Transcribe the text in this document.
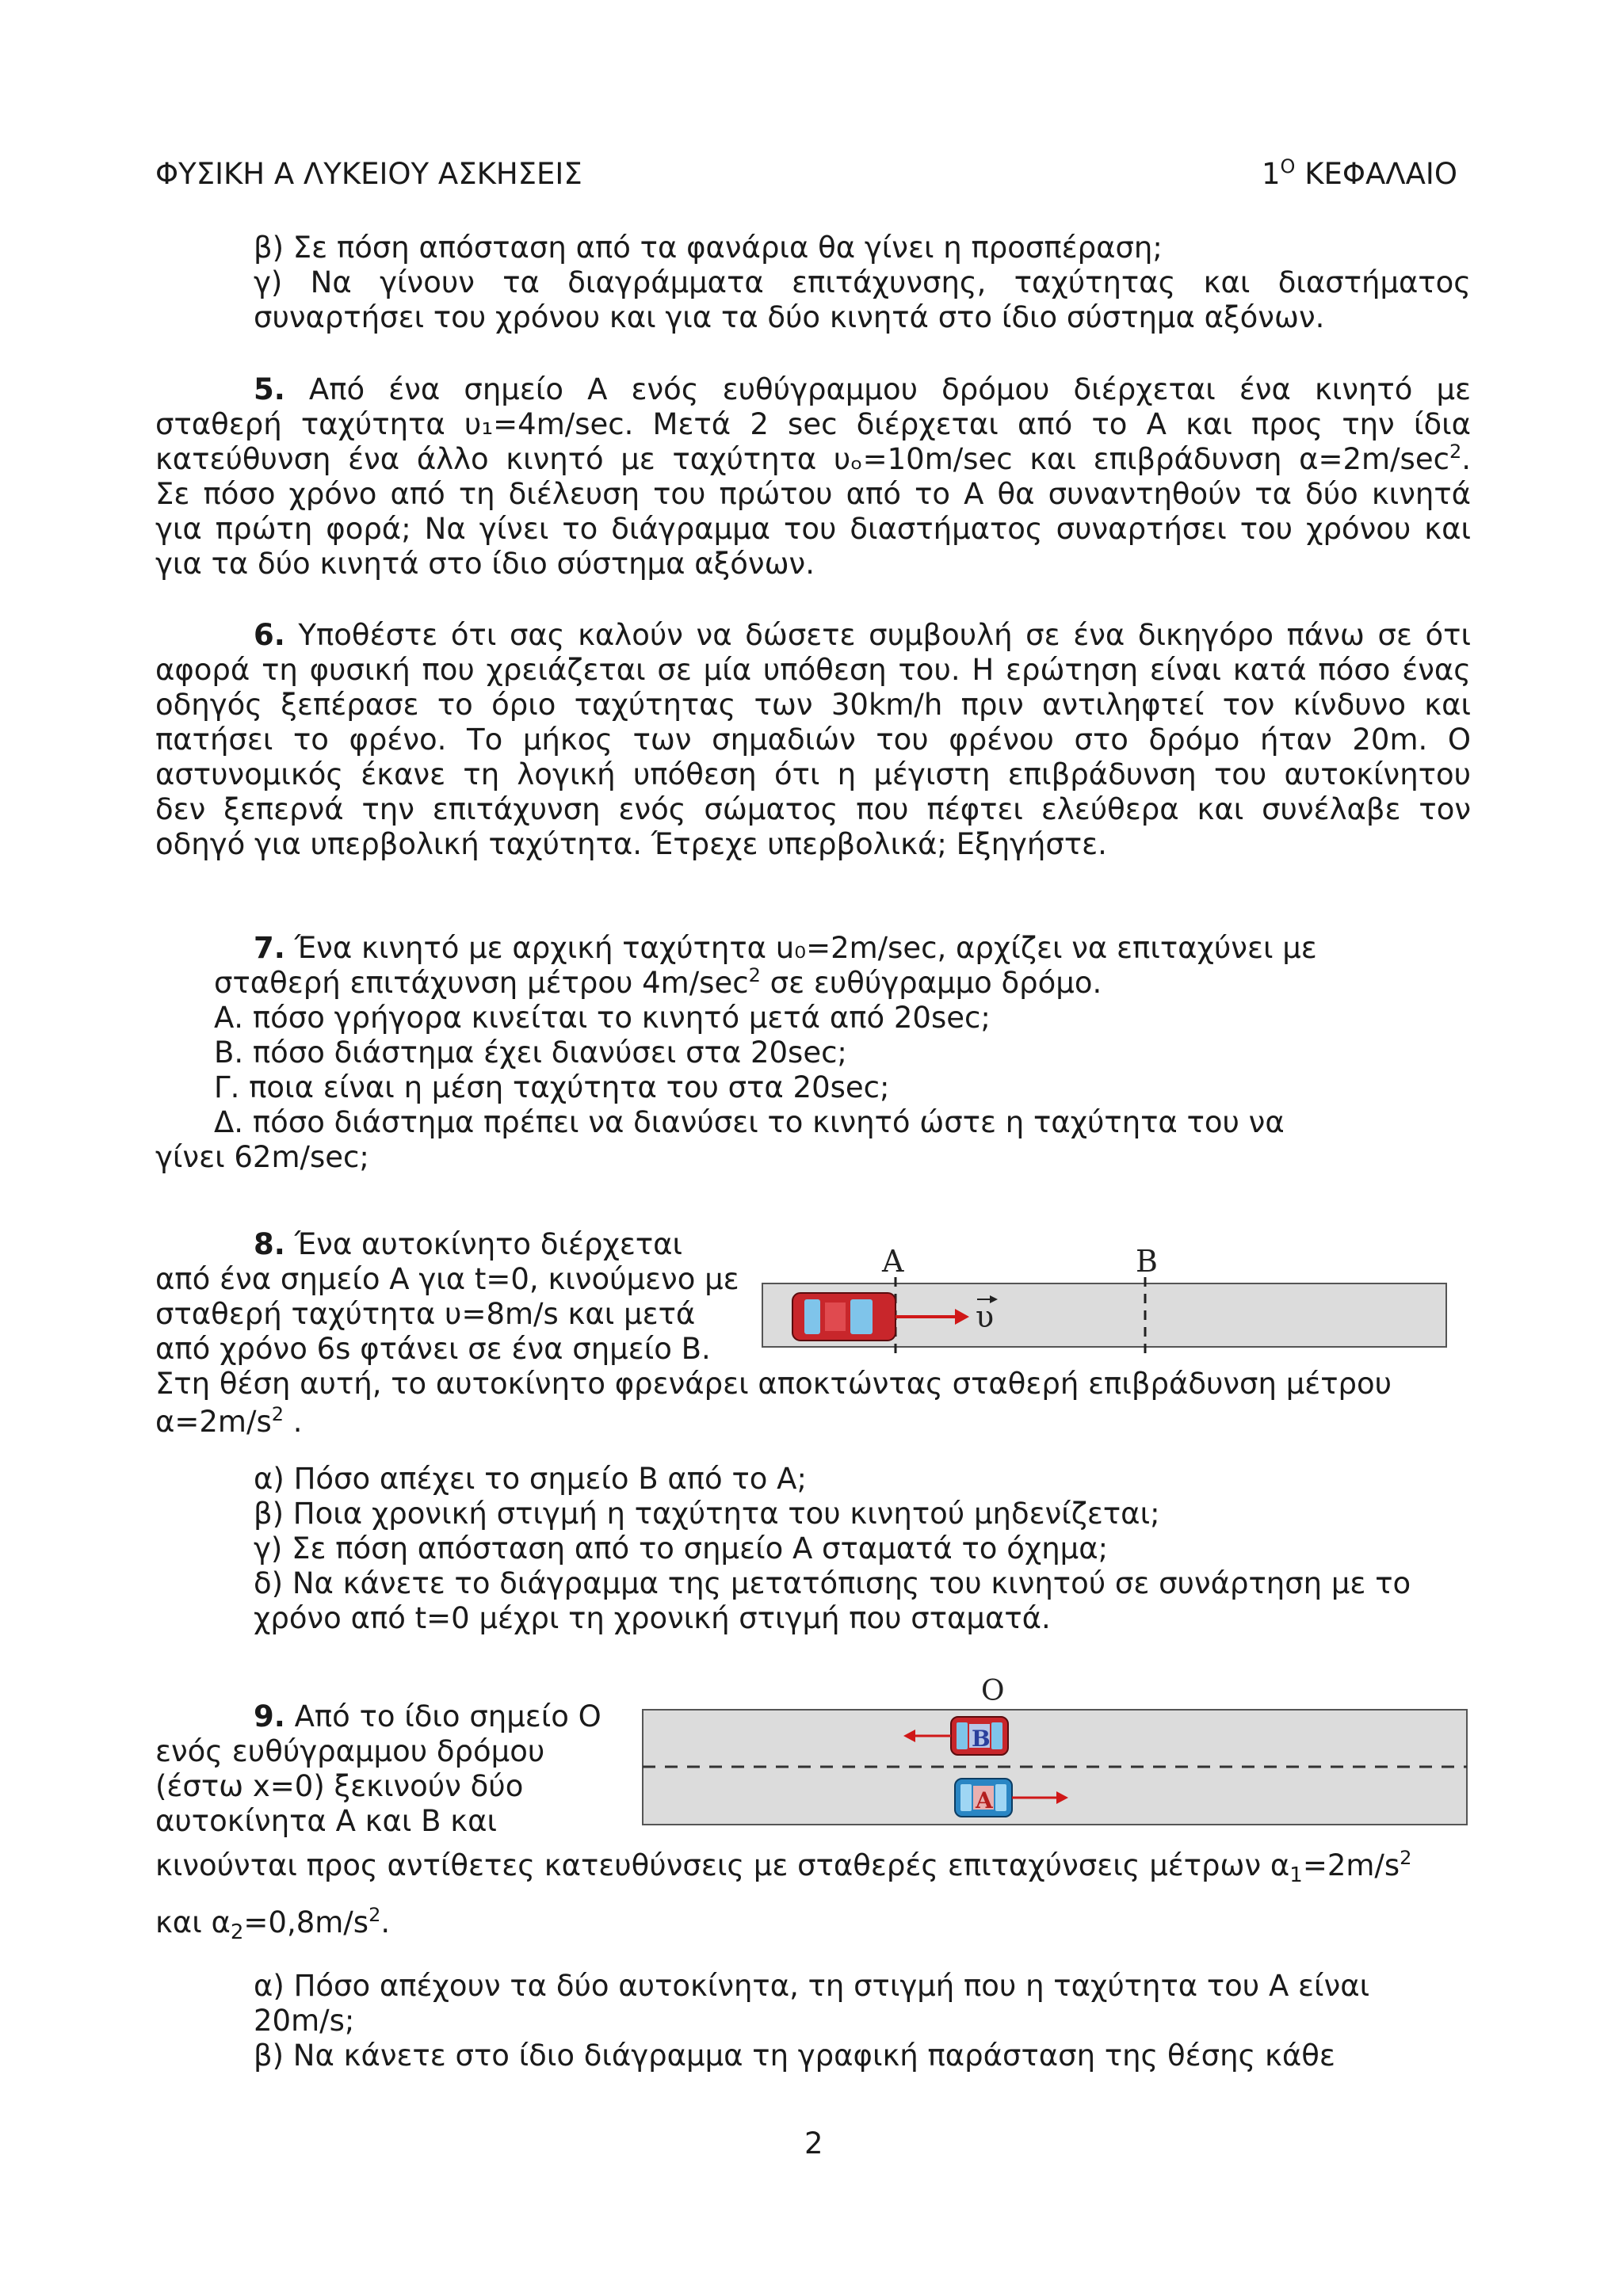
ΦΥΣΙΚΗ Α ΛΥΚΕΙΟΥ ΑΣΚΗΣΕΙΣ	$1^O$ ΚΕΦΑΛΑΙΟ
β) Σε πόση απόσταση από τα φανάρια θα γίνει η προσπέραση;
γ) Να γίνουν τα διαγράμματα επιτάχυνσης, ταχύτητας και διαστήματος
συναρτήσει του χρόνου και για τα δύο κινητά στο ίδιο σύστημα αξόνων.
5. Από ένα σημείο Α ενός ευθύγραμμου δρόμου διέρχεται ένα κινητό με
σταθερή ταχύτητα υ₁=4m/sec. Μετά 2 sec διέρχεται από το Α και προς την ίδια
κατεύθυνση ένα άλλο κινητό με ταχύτητα υₒ=10m/sec και επιβράδυνση $\alpha=2m/\sec^2$.
Σε πόσο χρόνο από τη διέλευση του πρώτου από το Α θα συναντηθούν τα δύο κινητά
για πρώτη φορά; Να γίνει το διάγραμμα του διαστήματος συναρτήσει του χρόνου και
για τα δύο κινητά στο ίδιο σύστημα αξόνων.
6. Υποθέστε ότι σας καλούν να δώσετε συμβουλή σε ένα δικηγόρο πάνω σε ότι
αφορά τη φυσική που χρειάζεται σε μία υπόθεση του. Η ερώτηση είναι κατά πόσο ένας
οδηγός ξεπέρασε το όριο ταχύτητας των 30km/h πριν αντιληφτεί τον κίνδυνο και
πατήσει το φρένο. Το μήκος των σημαδιών του φρένου στο δρόμο ήταν 20m. Ο
αστυνομικός έκανε τη λογική υπόθεση ότι η μέγιστη επιβράδυνση του αυτοκίνητου
δεν ξεπερνά την επιτάχυνση ενός σώματος που πέφτει ελεύθερα και συνέλαβε τον
οδηγό για υπερβολική ταχύτητα. Έτρεχε υπερβολικά; Εξηγήστε.
7. Ένα κινητό με αρχική ταχύτητα u₀=2m/sec, αρχίζει να επιταχύνει με
σταθερή επιτάχυνση μέτρου $4m/\sec^2$ σε ευθύγραμμο δρόμο.
Α. πόσο γρήγορα κινείται το κινητό μετά από 20sec;
Β. πόσο διάστημα έχει διανύσει στα 20sec;
Γ. ποια είναι η μέση ταχύτητα του στα 20sec;
Δ. πόσο διάστημα πρέπει να διανύσει το κινητό ώστε η ταχύτητα του να
γίνει 62m/sec;
8. Ένα αυτοκίνητο διέρχεται
από ένα σημείο Α για t=0, κινούμενο με
σταθερή ταχύτητα υ=8m/s και μετά
από χρόνο 6s φτάνει σε ένα σημείο Β.
A	B
υ
Στη θέση αυτή, το αυτοκίνητο φρενάρει αποκτώντας σταθερή επιβράδυνση μέτρου
$\alpha=2m/s^2$ .
α) Πόσο απέχει το σημείο Β από το Α;
β) Ποια χρονική στιγμή η ταχύτητα του κινητού μηδενίζεται;
γ) Σε πόση απόσταση από το σημείο Α σταματά το όχημα;
δ) Να κάνετε το διάγραμμα της μετατόπισης του κινητού σε συνάρτηση με το
χρόνο από t=0 μέχρι τη χρονική στιγμή που σταματά.
9. Από το ίδιο σημείο Ο
ενός ευθύγραμμου δρόμου
(έστω x=0) ξεκινούν δύο
αυτοκίνητα Α και Β και
O
B
A
κινούνται προς αντίθετες κατευθύνσεις με σταθερές επιταχύνσεις μέτρων $\alpha_1=2m/s^2$
και $\alpha_2=0,8m/s^2$.
α) Πόσο απέχουν τα δύο αυτοκίνητα, τη στιγμή που η ταχύτητα του Α είναι
20m/s;
β) Να κάνετε στο ίδιο διάγραμμα τη γραφική παράσταση της θέσης κάθε
2
